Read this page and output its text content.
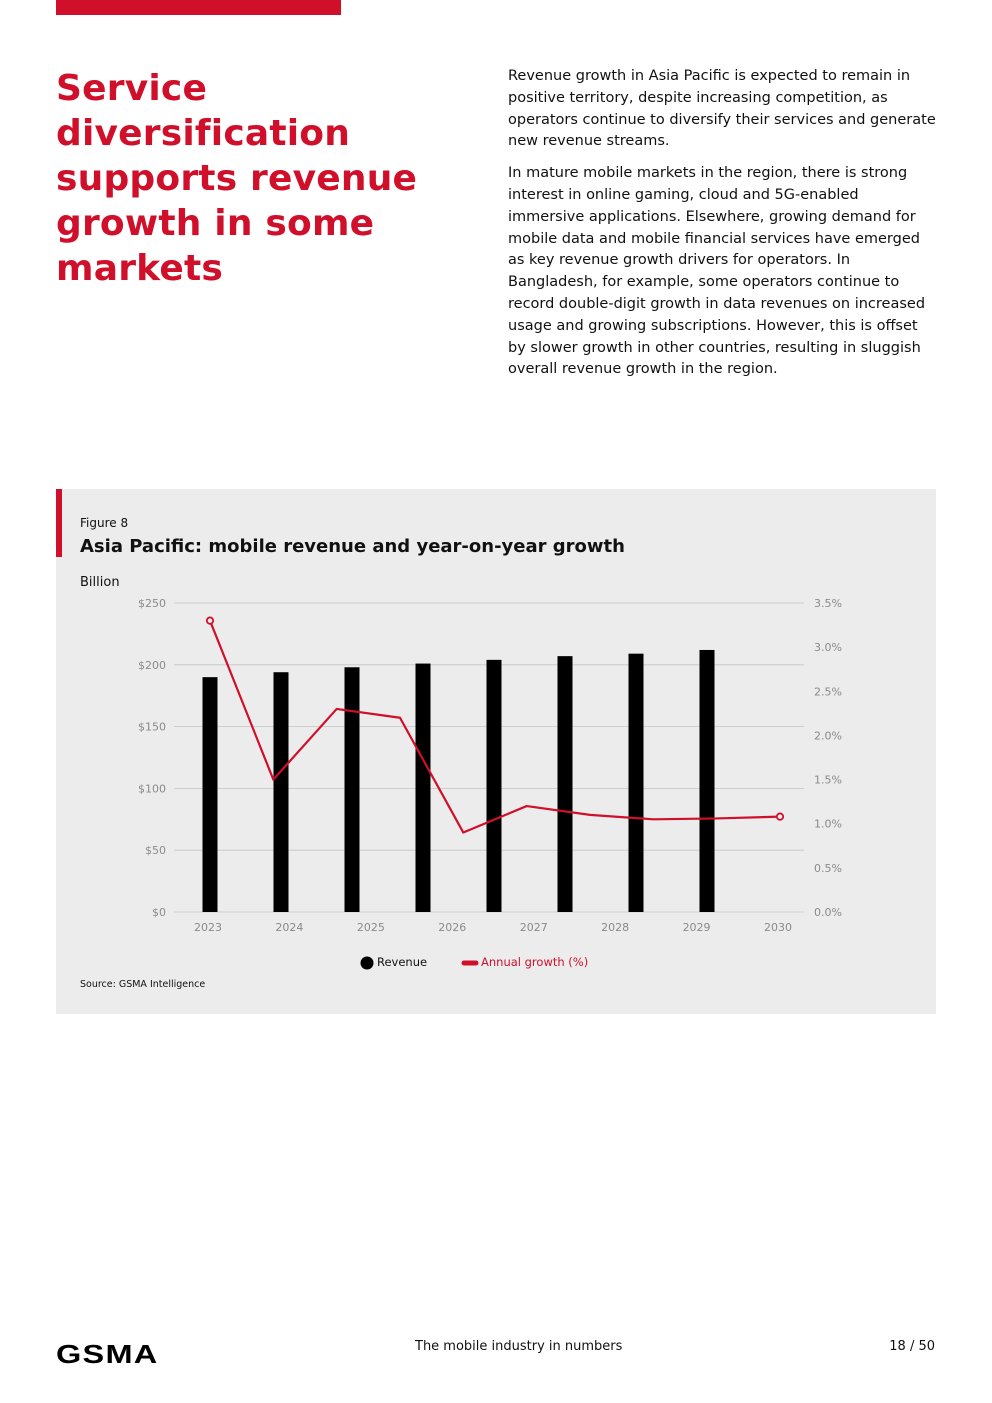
Service diversification supports revenue growth in some markets

Revenue growth in Asia Pacific is expected to remain in positive territory, despite increasing competition, as operators continue to diversify their services and generate new revenue streams.

In mature mobile markets in the region, there is strong interest in online gaming, cloud and 5G-enabled immersive applications. Elsewhere, growing demand for mobile data and mobile financial services have emerged as key revenue growth drivers for operators. In Bangladesh, for example, some operators continue to record double-digit growth in data revenues on increased usage and growing subscriptions. However, this is offset by slower growth in other countries, resulting in sluggish overall revenue growth in the region.

Figure 8
Asia Pacific: mobile revenue and year-on-year growth
Billion
$0
$50
$100
$150
$200
$250
0.0%
0.5%
1.0%
1.5%
2.0%
2.5%
3.0%
3.5%
2023	2024	2025	2026	2027	2028	2029	2030
Revenue	Annual growth (%)
Source: GSMA Intelligence
GSMA	The mobile industry in numbers	18 / 50
